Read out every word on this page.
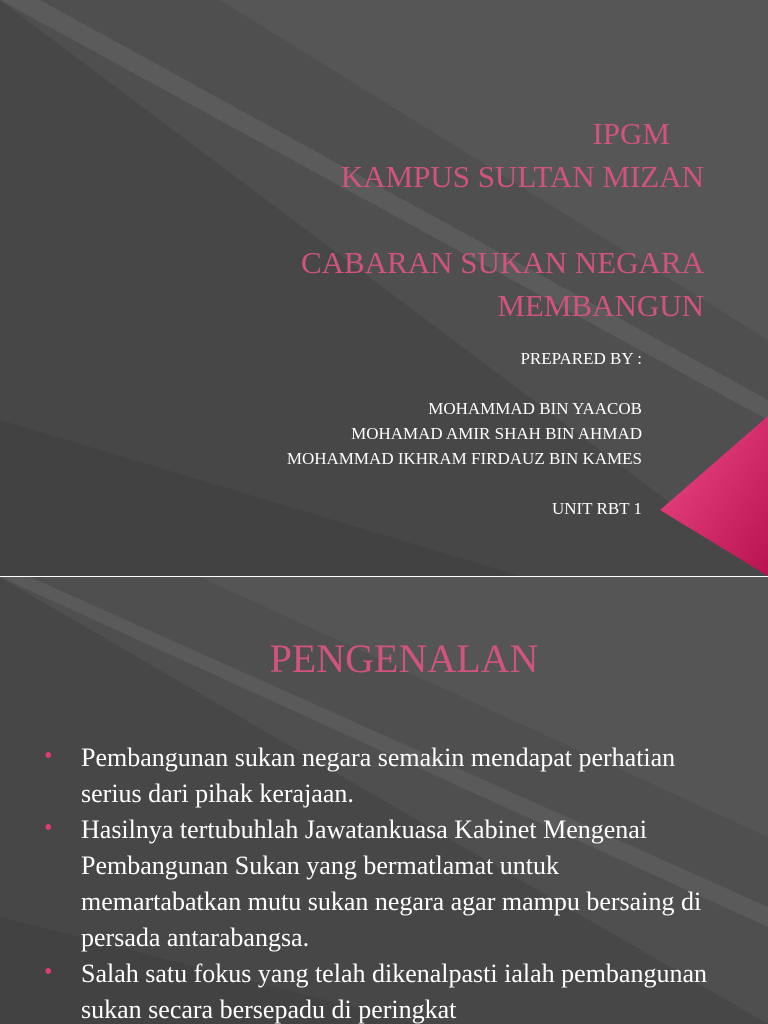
IPGM
KAMPUS SULTAN MIZAN
CABARAN SUKAN NEGARA
MEMBANGUN
PREPARED BY :
MOHAMMAD BIN YAACOB
MOHAMAD AMIR SHAH BIN AHMAD
MOHAMMAD IKHRAM FIRDAUZ BIN KAMES
UNIT RBT 1
PENGENALAN
• Pembangunan sukan negara semakin mendapat perhatian serius dari pihak kerajaan.
• Hasilnya tertubuhlah Jawatankuasa Kabinet Mengenai Pembangunan Sukan yang bermatlamat untuk memartabatkan mutu sukan negara agar mampu bersaing di persada antarabangsa.
• Salah satu fokus yang telah dikenalpasti ialah pembangunan sukan secara bersepadu di peringkat
